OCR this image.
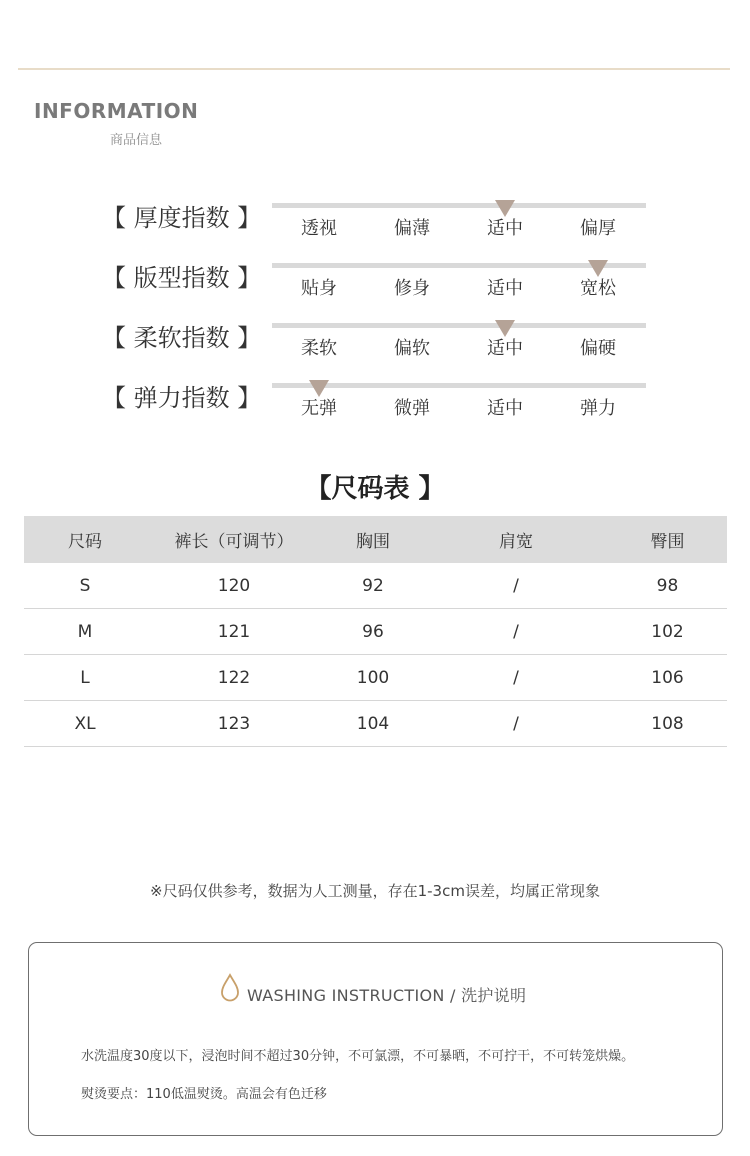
INFORMATION
商品信息
【 厚度指数 】	透视	偏薄	适中	偏厚
【 版型指数 】	贴身	修身	适中	宽松
【 柔软指数 】	柔软	偏软	适中	偏硬
【 弹力指数 】	无弹	微弹	适中	弹力
【尺码表 】
尺码	裤长（可调节）	胸围	肩宽	臀围
S	120	92	/	98
M	121	96	/	102
L	122	100	/	106
XL	123	104	/	108
※尺码仅供参考，数据为人工测量，存在1-3cm误差，均属正常现象
WASHING INSTRUCTION / 洗护说明
水洗温度30度以下，浸泡时间不超过30分钟，不可氯漂，不可暴晒，不可拧干，不可转笼烘燥。
熨烫要点：110低温熨烫。高温会有色迁移
